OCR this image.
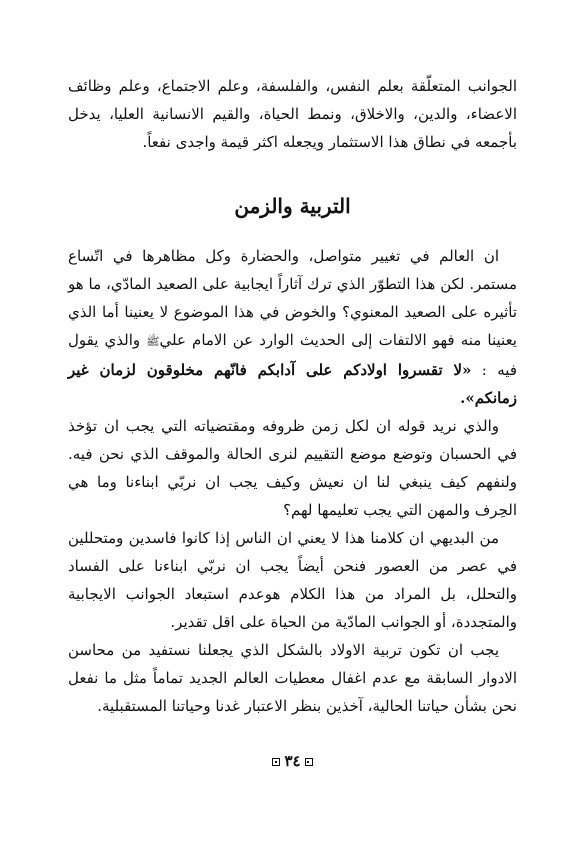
الجوانب المتعلّقة بعلم النفس، والفلسفة، وعلم الاجتماع، وعلم وظائف الاعضاء، والدين، والاخلاق، ونمط الحياة، والقيم الانسانية العليا، يدخل بأجمعه في نطاق هذا الاستثمار ويجعله اكثر قيمة واجدى نفعاً.

التربية والزمن

ان العالم في تغيير متواصل، والحضارة وكل مظاهرها في اتّساع مستمر. لكن هذا التطوّر الذي ترك آثاراً ايجابية على الصعيد المادّي، ما هو تأثيره على الصعيد المعنوي؟ والخوض في هذا الموضوع لا يعنينا أما الذي يعنينا منه فهو الالتفات إلى الحديث الوارد عن الامام عليﷺ والذي يقول فيه : «لا تقسروا اولادكم على آدابكم فانّهم مخلوقون لزمان غير زمانكم».

والذي نريد قوله ان لكل زمن ظروفه ومقتضياته التي يجب ان تؤخذ في الحسبان وتوضع موضع التقييم لنرى الحالة والموقف الذي نحن فيه. ولنفهم كيف ينبغي لنا ان نعيش وكيف يجب ان نربّي ابناءنا وما هي الحِرف والمهن التي يجب تعليمها لهم؟

من البديهي ان كلامنا هذا لا يعني ان الناس إذا كانوا فاسدين ومتحللين في عصر من العصور فنحن أيضاً يجب ان نربّي ابناءنا على الفساد والتحلل، بل المراد من هذا الكلام هوعدم استبعاد الجوانب الايجابية والمتجددة، أو الجوانب المادّية من الحياة على اقل تقدير.

يجب ان تكون تربية الاولاد بالشكل الذي يجعلنا نستفيد من محاسن الادوار السابقة مع عدم اغفال معطيات العالم الجديد تماماً مثل ما نفعل نحن بشأن حياتنا الحالية، آخذين بنظر الاعتبار غدنا وحياتنا المستقبلية.

٣٤
